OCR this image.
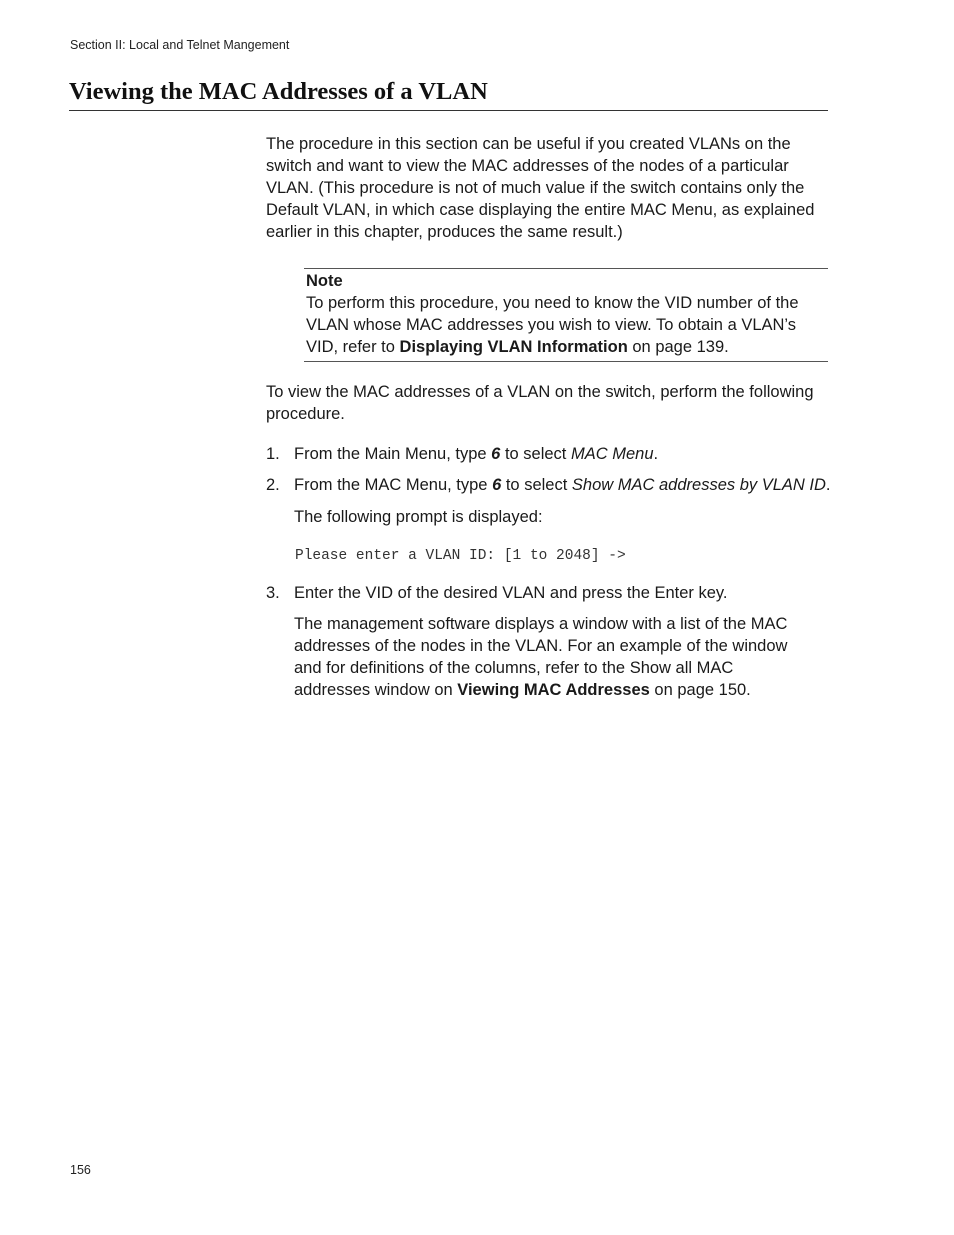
Section II: Local and Telnet Mangement
Viewing the MAC Addresses of a VLAN

The procedure in this section can be useful if you created VLANs on the switch and want to view the MAC addresses of the nodes of a particular VLAN. (This procedure is not of much value if the switch contains only the Default VLAN, in which case displaying the entire MAC Menu, as explained earlier in this chapter, produces the same result.)

Note
To perform this procedure, you need to know the VID number of the VLAN whose MAC addresses you wish to view. To obtain a VLAN’s VID, refer to Displaying VLAN Information on page 139.

To view the MAC addresses of a VLAN on the switch, perform the following procedure.

1. From the Main Menu, type 6 to select MAC Menu.
2. From the MAC Menu, type 6 to select Show MAC addresses by VLAN ID.

The following prompt is displayed:

Please enter a VLAN ID: [1 to 2048] ->
3. Enter the VID of the desired VLAN and press the Enter key.

The management software displays a window with a list of the MAC addresses of the nodes in the VLAN. For an example of the window and for definitions of the columns, refer to the Show all MAC addresses window on Viewing MAC Addresses on page 150.

156
